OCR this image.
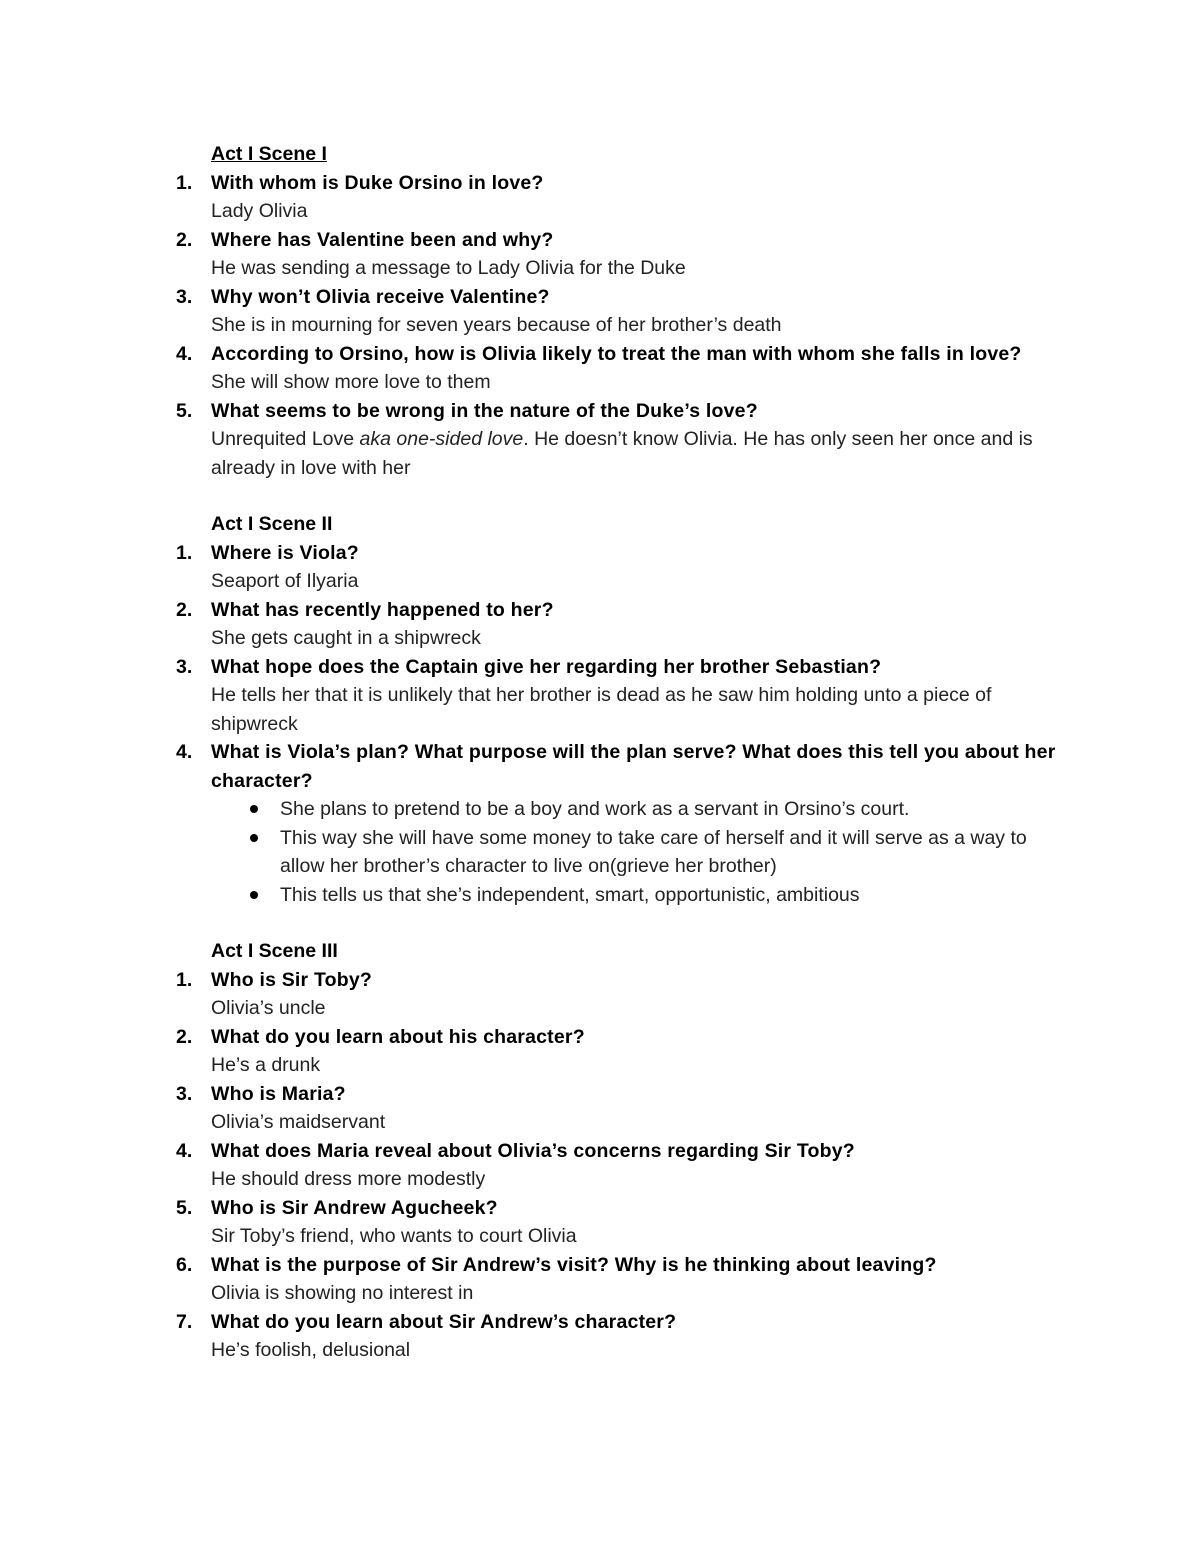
Act I Scene I
1. With whom is Duke Orsino in love?
Lady Olivia
2. Where has Valentine been and why?
He was sending a message to Lady Olivia for the Duke
3. Why won’t Olivia receive Valentine?
She is in mourning for seven years because of her brother’s death
4. According to Orsino, how is Olivia likely to treat the man with whom she falls in love?
She will show more love to them
5. What seems to be wrong in the nature of the Duke’s love?
Unrequited Love aka one-sided love. He doesn’t know Olivia. He has only seen her once and is already in love with her
Act I Scene II
1. Where is Viola?
Seaport of Ilyaria
2. What has recently happened to her?
She gets caught in a shipwreck
3. What hope does the Captain give her regarding her brother Sebastian?
He tells her that it is unlikely that her brother is dead as he saw him holding unto a piece of shipwreck
4. What is Viola’s plan? What purpose will the plan serve? What does this tell you about her character?
She plans to pretend to be a boy and work as a servant in Orsino’s court.
This way she will have some money to take care of herself and it will serve as a way to allow her brother’s character to live on(grieve her brother)
This tells us that she’s independent, smart, opportunistic, ambitious
Act I Scene III
1. Who is Sir Toby?
Olivia’s uncle
2. What do you learn about his character?
He’s a drunk
3. Who is Maria?
Olivia’s maidservant
4. What does Maria reveal about Olivia’s concerns regarding Sir Toby?
He should dress more modestly
5. Who is Sir Andrew Agucheek?
Sir Toby’s friend, who wants to court Olivia
6. What is the purpose of Sir Andrew’s visit? Why is he thinking about leaving?
Olivia is showing no interest in
7. What do you learn about Sir Andrew’s character?
He’s foolish, delusional
